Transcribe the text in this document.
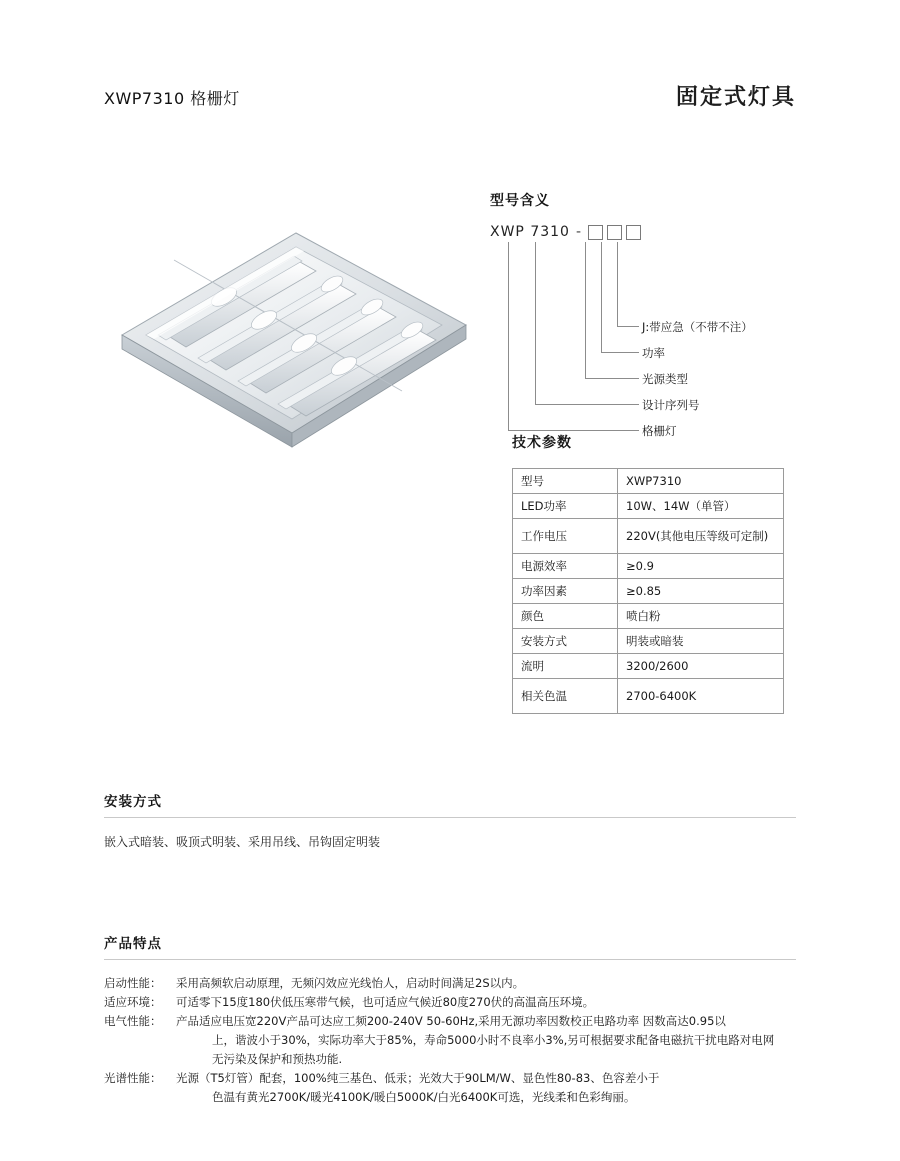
XWP7310 格栅灯	固定式灯具
型号含义
XWP 7310 -
J:带应急（不带不注）
功率
光源类型
设计序列号
格栅灯
技术参数
型号	XWP7310
LED功率	10W、14W（单管）
工作电压	220V(其他电压等级可定制)
电源效率	≥0.9
功率因素	≥0.85
颜色	喷白粉
安装方式	明装或暗装
流明	3200/2600
相关色温	2700-6400K
安装方式
嵌入式暗装、吸顶式明装、采用吊线、吊钩固定明装
产品特点
启动性能：	采用高频软启动原理，无频闪效应光线怡人，启动时间满足2S以内。
适应环境：	可适零下15度180伏低压寒带气候，也可适应气候近80度270伏的高温高压环境。
电气性能：	产品适应电压宽220V产品可达应工频200-240V 50-60Hz,采用无源功率因数校正电路功率 因数高达0.95以
上，谐波小于30%，实际功率大于85%，寿命5000小时不良率小3%,另可根据要求配备电磁抗干扰电路对电网
无污染及保护和预热功能.
光谱性能：	光源（T5灯管）配套，100%纯三基色、低汞；光效大于90LM/W、显色性80-83、色容差小于
色温有黄光2700K/暖光4100K/暖白5000K/白光6400K可选，光线柔和色彩绚丽。
